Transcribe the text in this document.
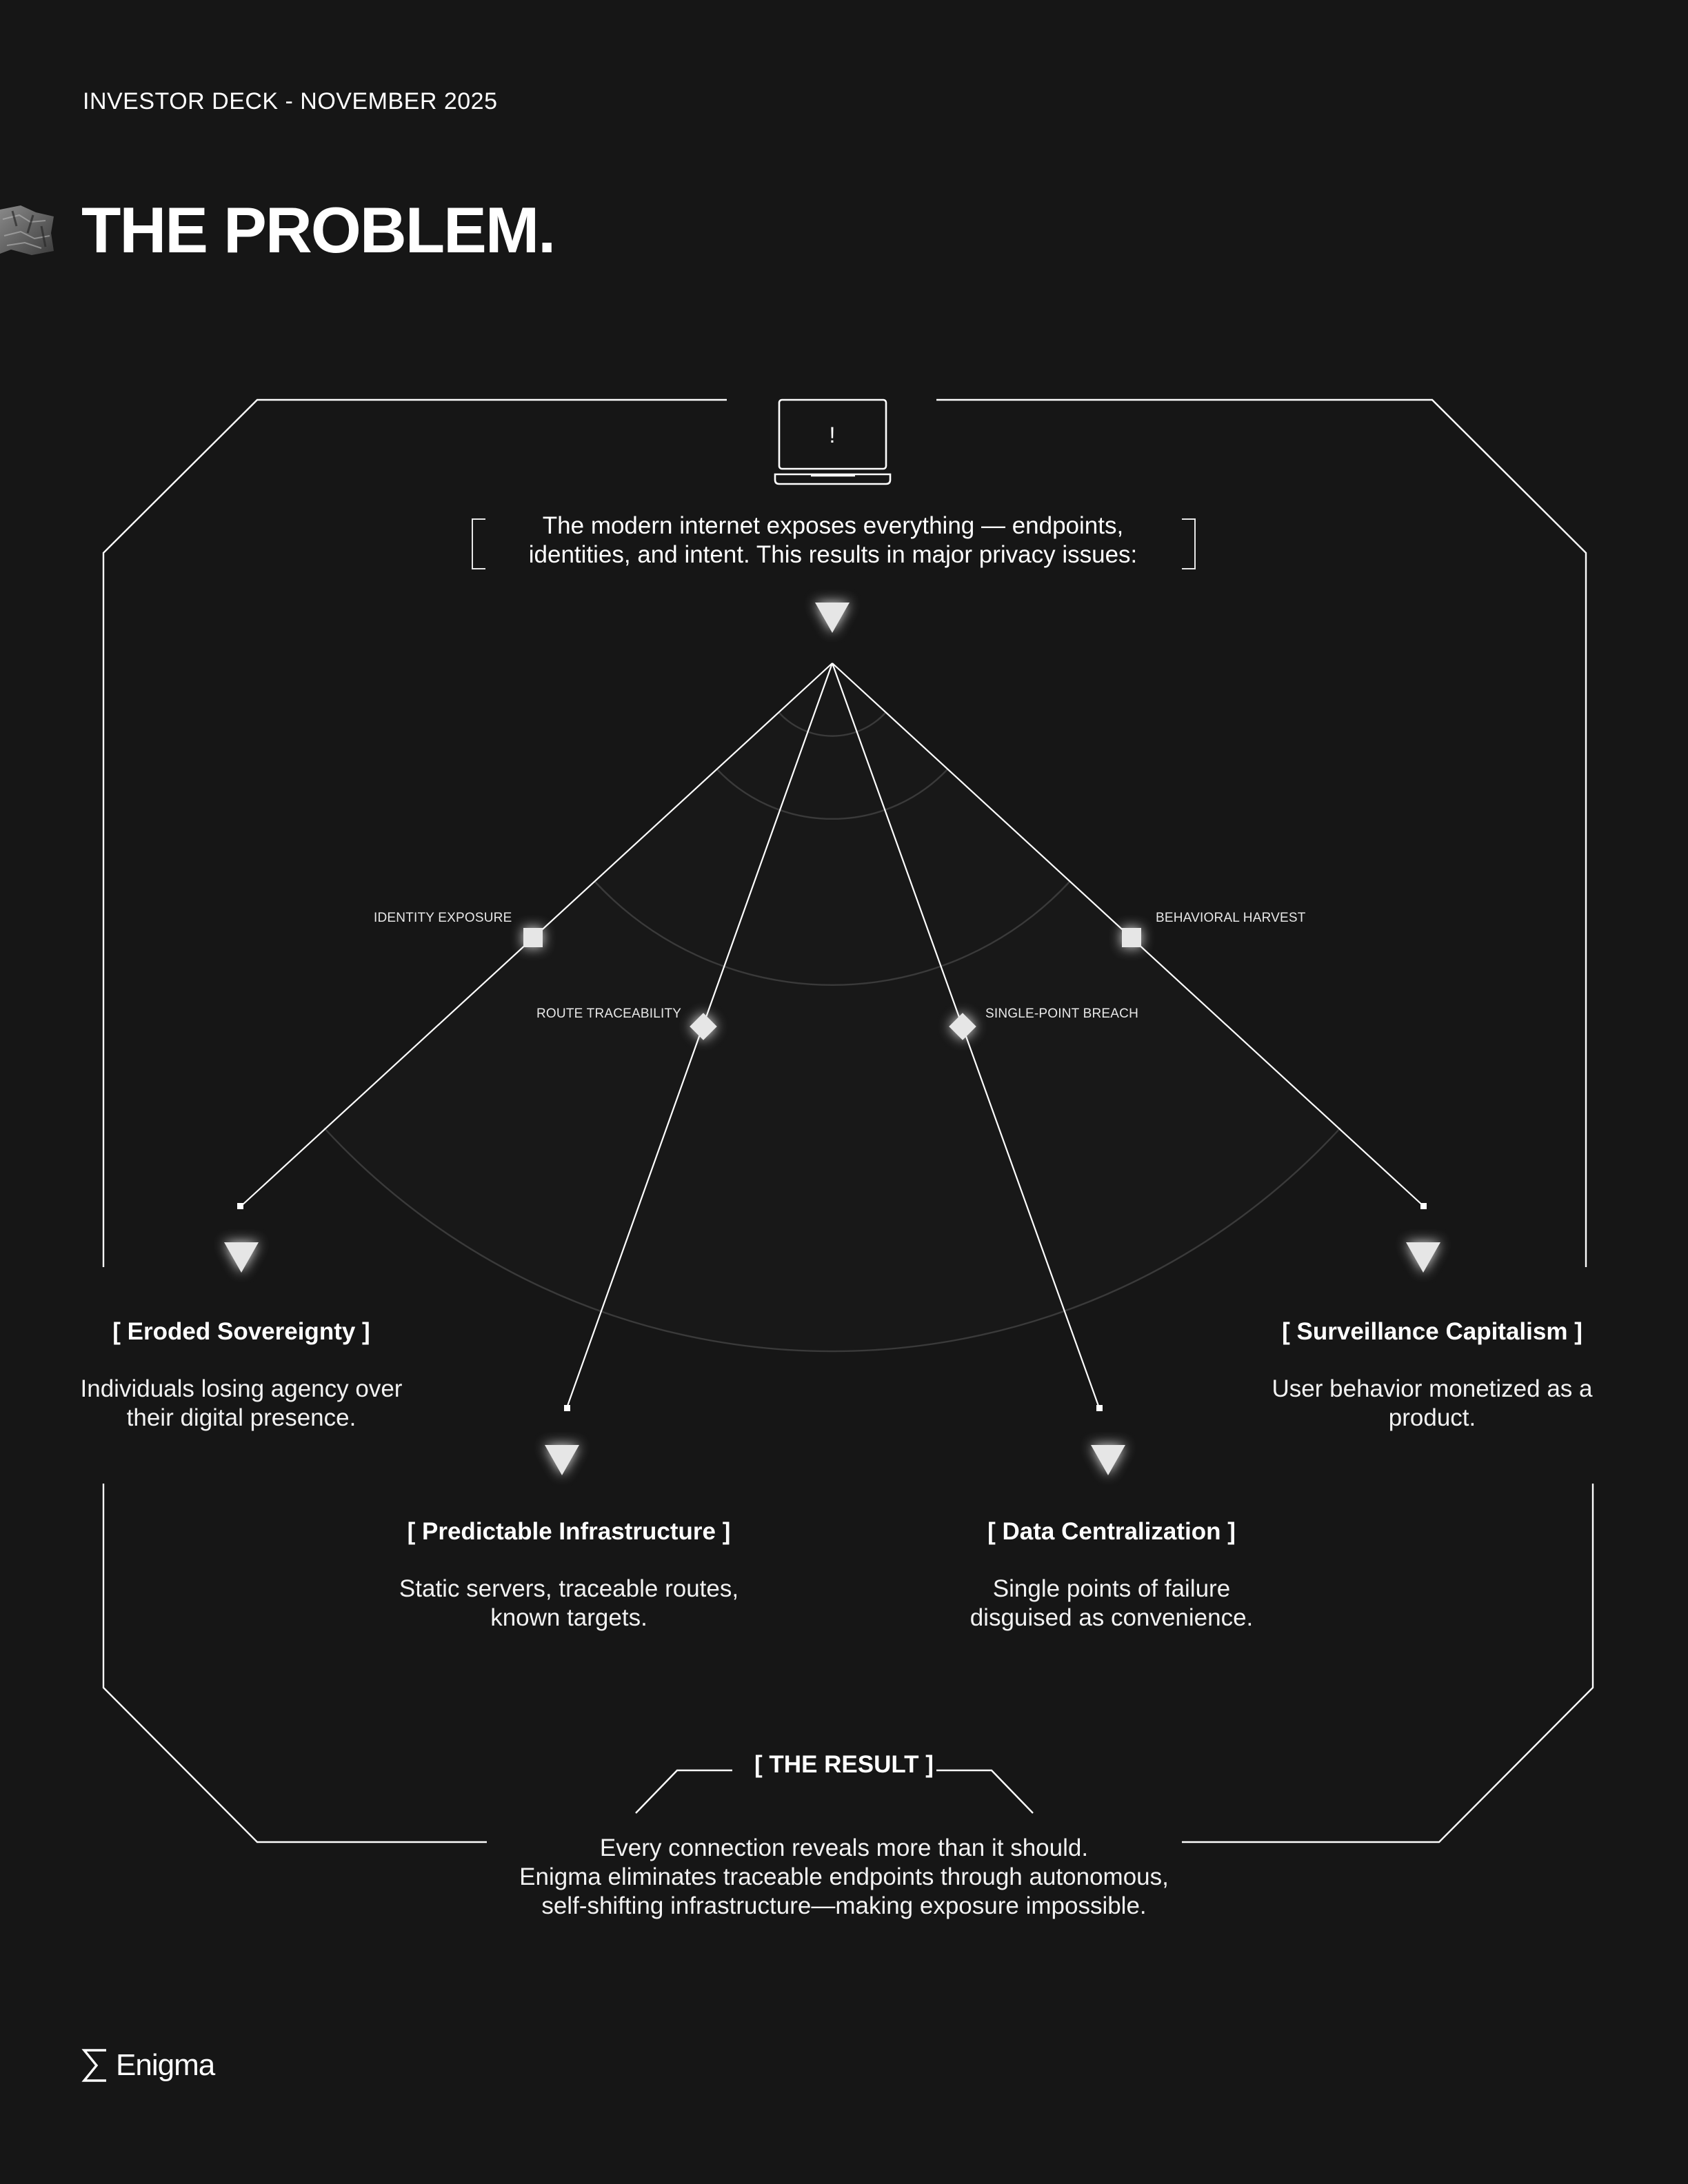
INVESTOR DECK - NOVEMBER 2025
THE PROBLEM.
!
The modern internet exposes everything — endpoints,
identities, and intent. This results in major privacy issues:
IDENTITY EXPOSURE
ROUTE TRACEABILITY	SINGLE-POINT BREACH
BEHAVIORAL HARVEST
[ Eroded Sovereignty ]
Individuals losing agency over
their digital presence.
[ Predictable Infrastructure ]
Static servers, traceable routes,
known targets.
[ Data Centralization ]
Single points of failure
disguised as convenience.
[ Surveillance Capitalism ]
User behavior monetized as a
product.
[ THE RESULT ]
Every connection reveals more than it should.
Enigma eliminates traceable endpoints through autonomous,
self-shifting infrastructure—making exposure impossible.
Enigma
